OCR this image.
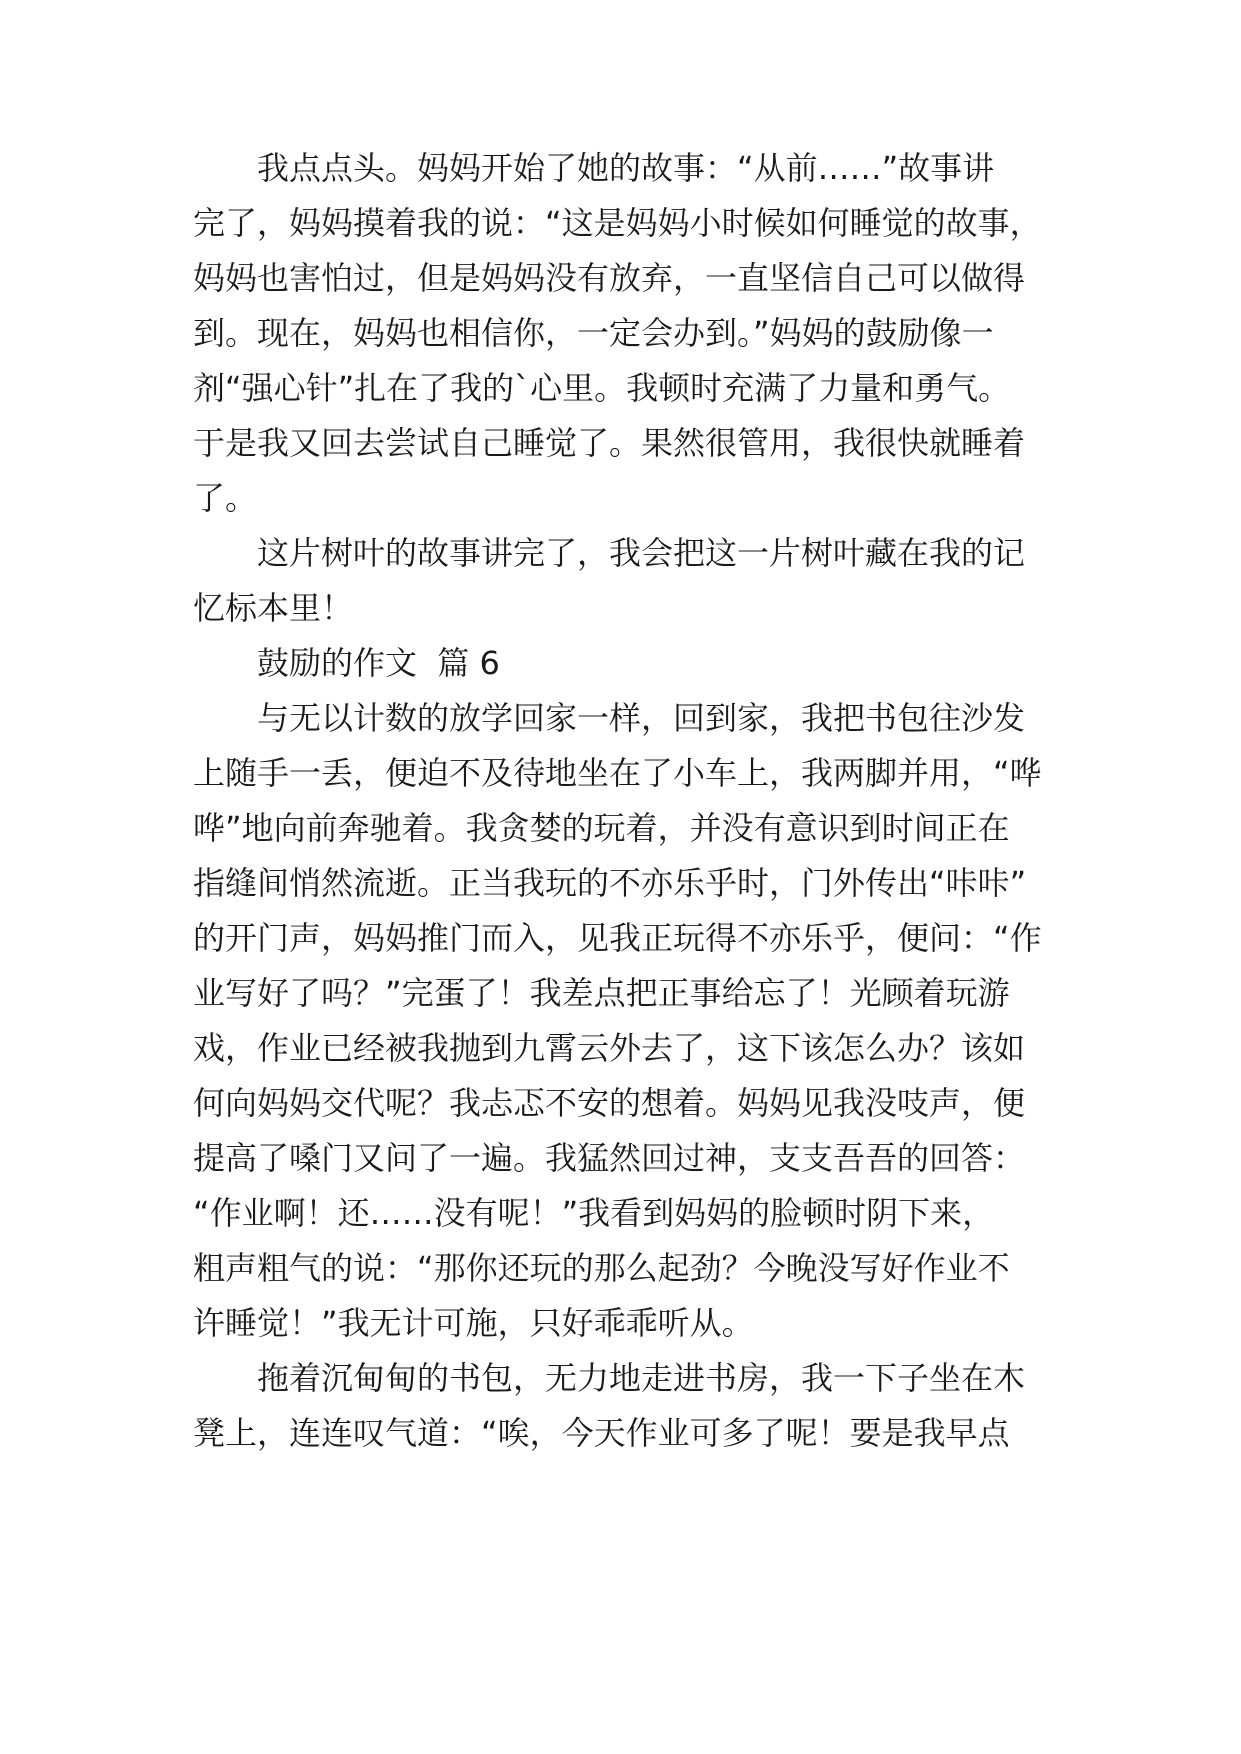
我点点头。妈妈开始了她的故事：“从前……”故事讲
完了，妈妈摸着我的说：“这是妈妈小时候如何睡觉的故事，
妈妈也害怕过，但是妈妈没有放弃，一直坚信自己可以做得
到。现在，妈妈也相信你，一定会办到。”妈妈的鼓励像一
剂“强心针”扎在了我的`心里。我顿时充满了力量和勇气。
于是我又回去尝试自己睡觉了。果然很管用，我很快就睡着
了。
这片树叶的故事讲完了，我会把这一片树叶藏在我的记
忆标本里！
鼓励的作文  篇 6
与无以计数的放学回家一样，回到家，我把书包往沙发
上随手一丢，便迫不及待地坐在了小车上，我两脚并用，“哗
哗”地向前奔驰着。我贪婪的玩着，并没有意识到时间正在
指缝间悄然流逝。正当我玩的不亦乐乎时，门外传出“咔咔”
的开门声，妈妈推门而入，见我正玩得不亦乐乎，便问：“作
业写好了吗？”完蛋了！我差点把正事给忘了！光顾着玩游
戏，作业已经被我抛到九霄云外去了，这下该怎么办？该如
何向妈妈交代呢？我忐忑不安的想着。妈妈见我没吱声，便
提高了嗓门又问了一遍。我猛然回过神，支支吾吾的回答：
“作业啊！还……没有呢！”我看到妈妈的脸顿时阴下来，
粗声粗气的说：“那你还玩的那么起劲？今晚没写好作业不
许睡觉！”我无计可施，只好乖乖听从。
拖着沉甸甸的书包，无力地走进书房，我一下子坐在木
凳上，连连叹气道：“唉，今天作业可多了呢！要是我早点
